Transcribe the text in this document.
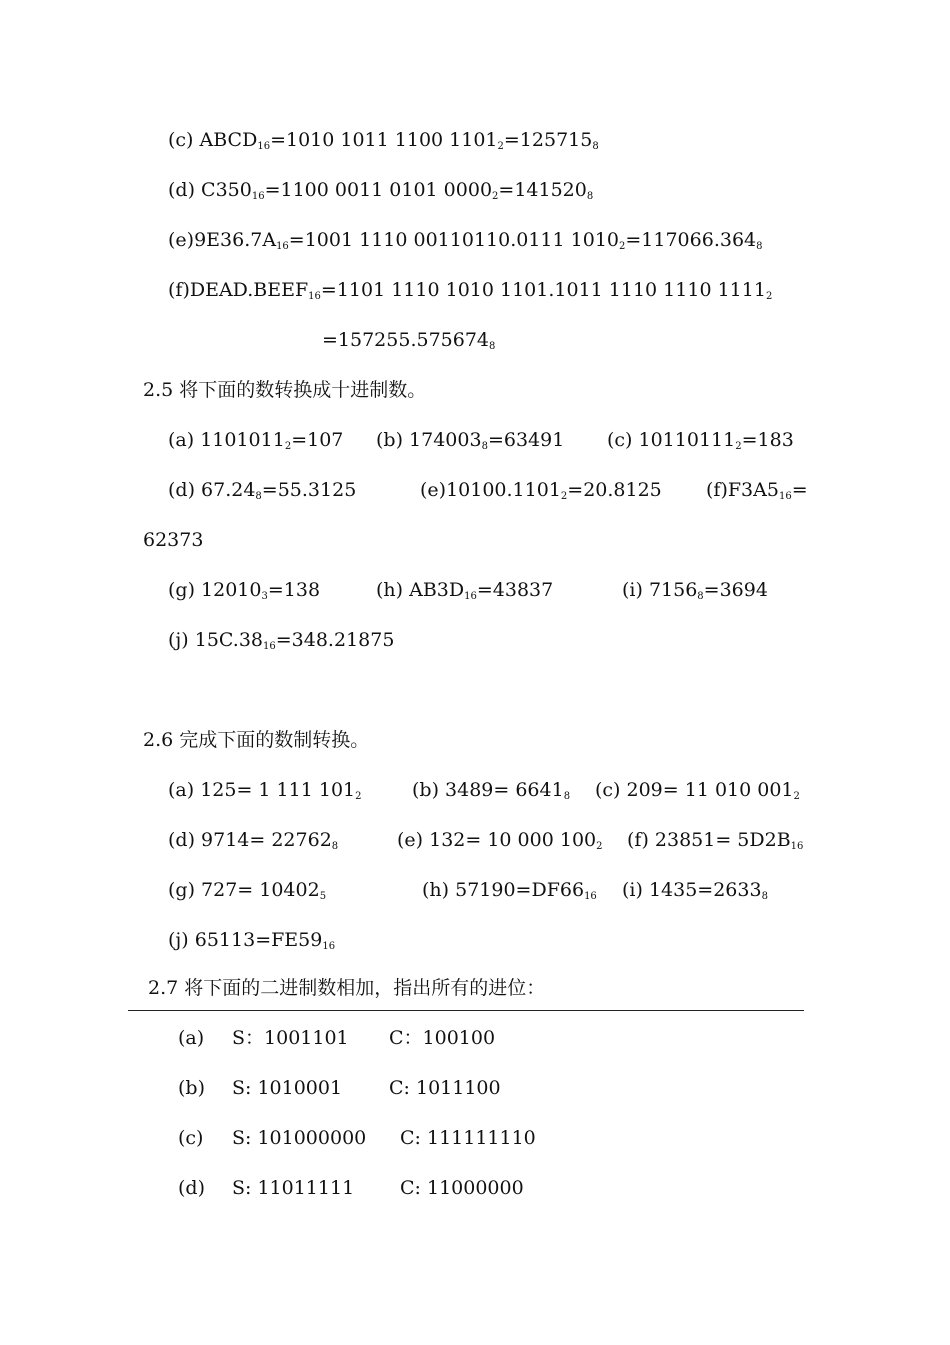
(c) $ABCD_{16}=1010$ 1011 1100 $1101_2=125715_8$
(d) $C350_{16}=1100$ 0011 0101 $0000_2=141520_8$
$(e)9E36.7A_{16}=1001$ 1110 00110110.0111 $1010_2=117066.364_8$
$(f)DEAD.BEEF_{16}=1101$ 1110 1010 1101.1011 1110 1110 $1111_2$
$=157255.575674_8$
2.5 将下面的数转换成十进制数。
(a) $1101011_2=107$ (b) $174003_8=63491$ (c) $10110111_2=183$
(d) $67.24_8=55.3125$	$(e)10100.1101_2=20.8125$ $(f)F3A5_{16}=$
62373
(g) $12010_3=138$	(h) $AB3D_{16}=43837$	(i) $7156_8=3694$
(j) $15C.38_{16}=348.21875$
2.6 完成下面的数制转换。
(a) 125= 1 111 $101_2$	(b) $3489= 6641_8$ (c) 209= 11 010 $001_2$
(d) $9714= 22762_8$	(e) 132= 10 000 $100_2$ (f) $23851= 5D2B_{16}$
(g) $727= 10402_5$	(h) $57190=DF66_{16}$ (i) $1435=2633_8$
(j) $65113=FE59_{16}$
2.7 将下面的二进制数相加，指出所有的进位：
(a) S：1001101 C：100100
(b) S: 1010001 C: 1011100
(c) S: 101000000 C: 111111110
(d) S: 11011111 C: 11000000
